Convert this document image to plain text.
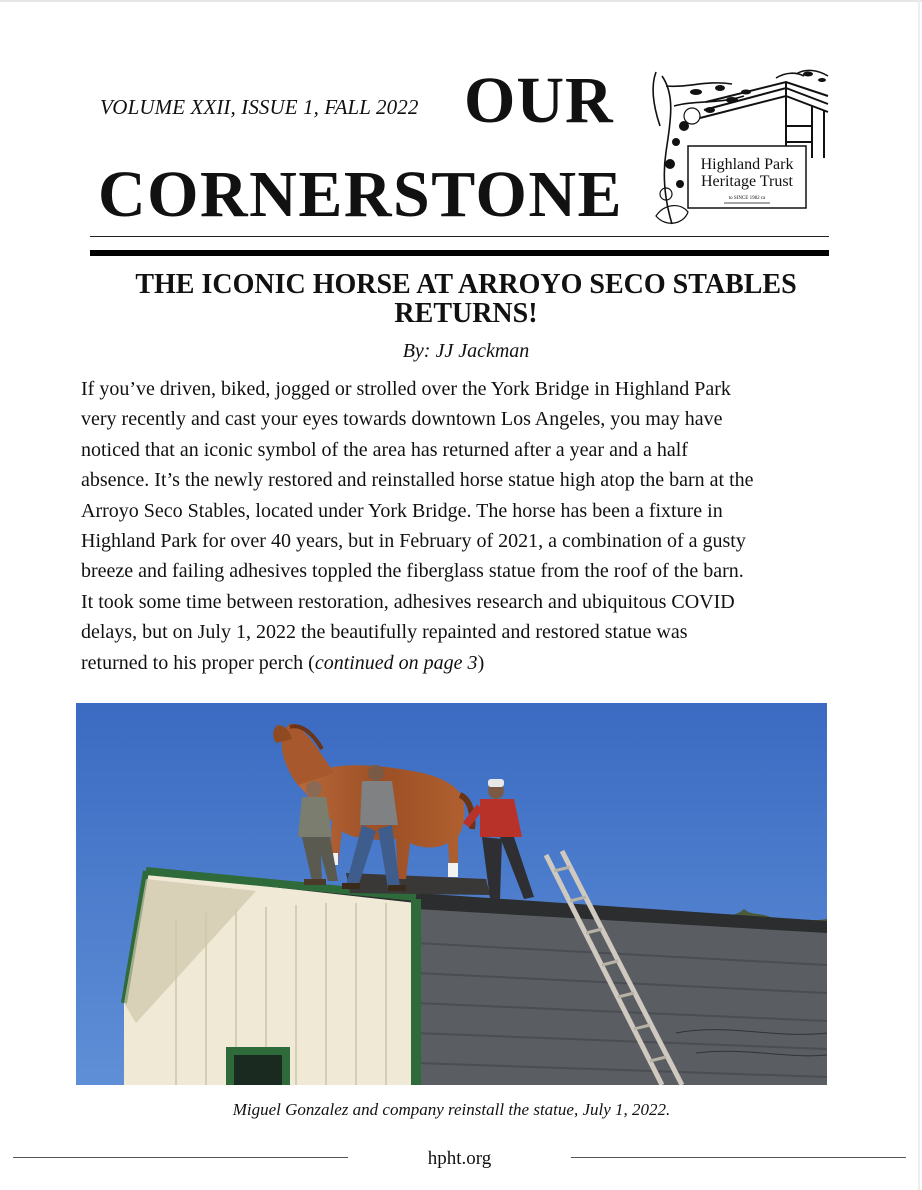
VOLUME XXII, ISSUE 1, FALL 2022 OUR
CORNERSTONE	Highland Park
Heritage Trust
to SINCE 1982 ca
THE ICONIC HORSE AT ARROYO SECO STABLES
RETURNS!
By: JJ Jackman
If you’ve driven, biked, jogged or strolled over the York Bridge in Highland Park
very recently and cast your eyes towards downtown Los Angeles, you may have
noticed that an iconic symbol of the area has returned after a year and a half
absence. It’s the newly restored and reinstalled horse statue high atop the barn at the
Arroyo Seco Stables, located under York Bridge. The horse has been a fixture in
Highland Park for over 40 years, but in February of 2021, a combination of a gusty
breeze and failing adhesives toppled the fiberglass statue from the roof of the barn.
It took some time between restoration, adhesives research and ubiquitous COVID
delays, but on July 1, 2022 the beautifully repainted and restored statue was
returned to his proper perch (continued on page 3)
Miguel Gonzalez and company reinstall the statue, July 1, 2022.
hpht.org
